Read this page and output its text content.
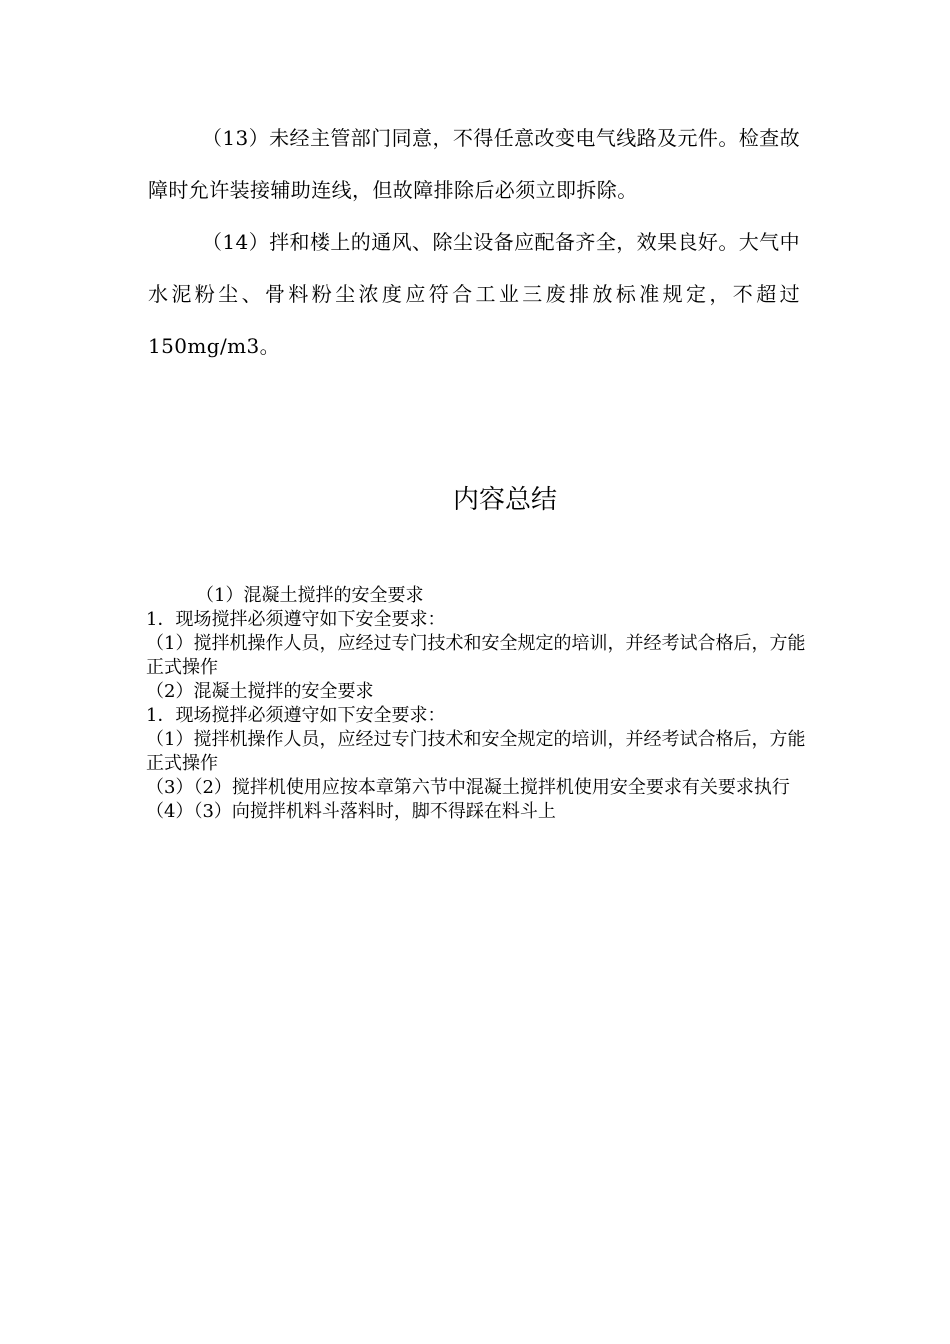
（13）未经主管部门同意，不得任意改变电气线路及元件。检查故障时允许装接辅助连线，但故障排除后必须立即拆除。

（14）拌和楼上的通风、除尘设备应配备齐全，效果良好。大气中水泥粉尘、骨料粉尘浓度应符合工业三废排放标准规定，不超过150mg/m3。

内容总结
（1）混凝土搅拌的安全要求
1．现场搅拌必须遵守如下安全要求：
（1）搅拌机操作人员，应经过专门技术和安全规定的培训，并经考试合格后，方能正式操作
（2）混凝土搅拌的安全要求
1．现场搅拌必须遵守如下安全要求：
（1）搅拌机操作人员，应经过专门技术和安全规定的培训，并经考试合格后，方能正式操作
（3）（2）搅拌机使用应按本章第六节中混凝土搅拌机使用安全要求有关要求执行
（4）（3）向搅拌机料斗落料时，脚不得踩在料斗上
